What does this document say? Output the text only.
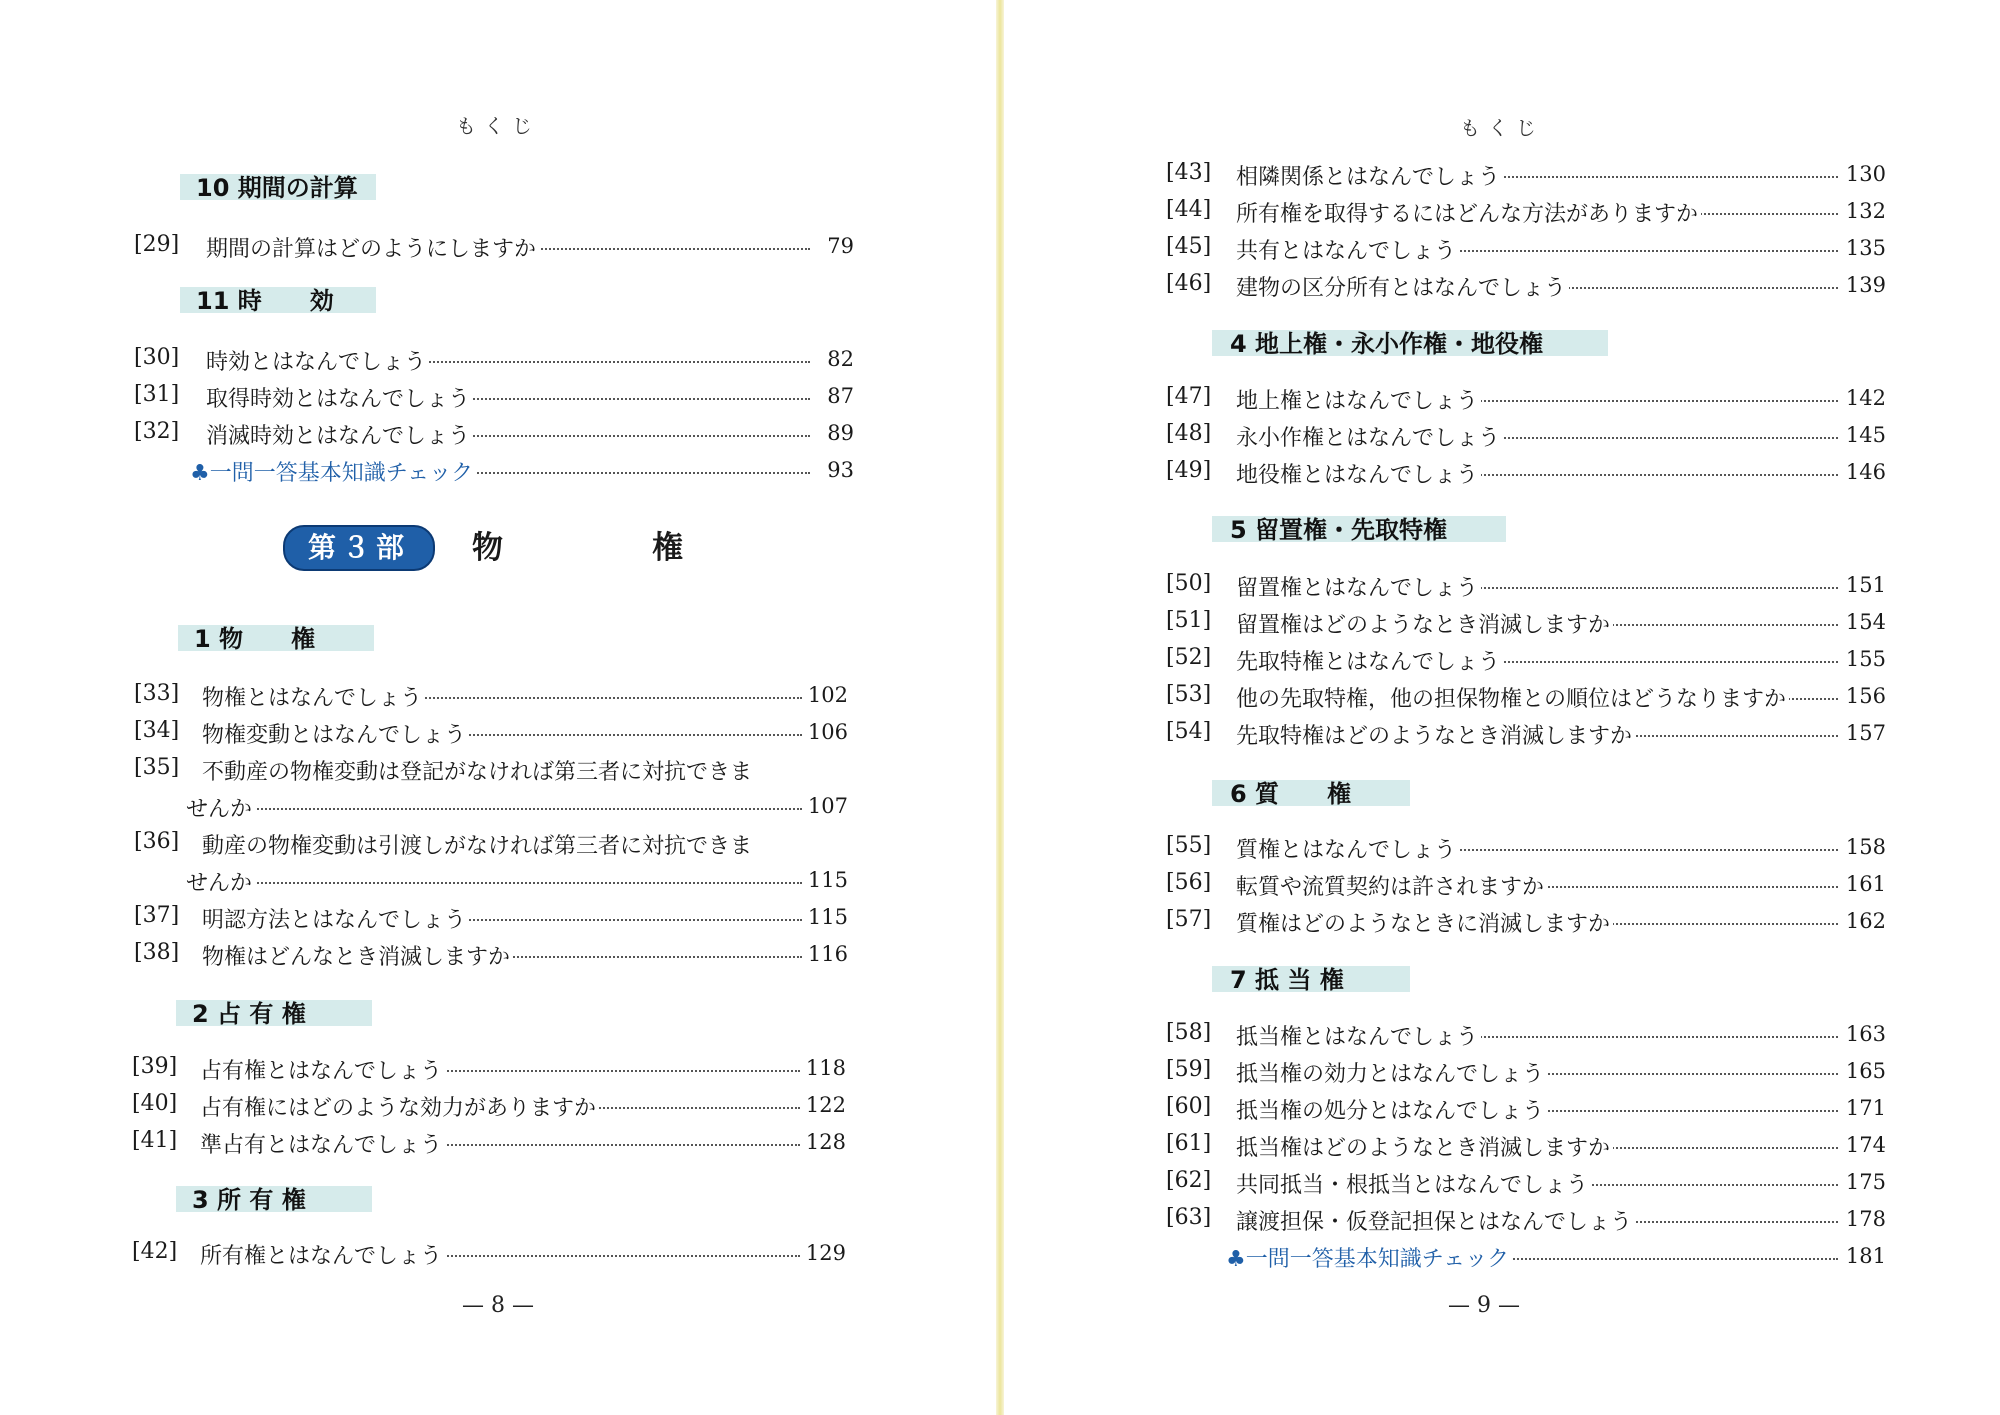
もくじ
10 期間の計算
[29] 期間の計算はどのようにしますか	79
11 時　　効
[30] 時効とはなんでしょう	82
[31] 取得時効とはなんでしょう	87
[32] 消滅時効とはなんでしょう	89
♣一問一答基本知識チェック	93
第３部	物	権
1 物　　権
[33] 物権とはなんでしょう	102
[34] 物権変動とはなんでしょう	106
[35] 不動産の物権変動は登記がなければ第三者に対抗できま
せんか	107
[36] 動産の物権変動は引渡しがなければ第三者に対抗できま
せんか	115
[37] 明認方法とはなんでしょう	115
[38] 物権はどんなとき消滅しますか	116
2 占 有 権
[39] 占有権とはなんでしょう	118
[40] 占有権にはどのような効力がありますか	122
[41] 準占有とはなんでしょう	128
3 所 有 権
[42] 所有権とはなんでしょう	129
— 8 —
もくじ
[43] 相隣関係とはなんでしょう	130
[44] 所有権を取得するにはどんな方法がありますか	132
[45] 共有とはなんでしょう	135
[46] 建物の区分所有とはなんでしょう	139
4 地上権・永小作権・地役権
[47] 地上権とはなんでしょう	142
[48] 永小作権とはなんでしょう	145
[49] 地役権とはなんでしょう	146
5 留置権・先取特権
[50] 留置権とはなんでしょう	151
[51] 留置権はどのようなとき消滅しますか	154
[52] 先取特権とはなんでしょう	155
[53] 他の先取特権，他の担保物権との順位はどうなりますか	156
[54] 先取特権はどのようなとき消滅しますか	157
6 質　　権
[55] 質権とはなんでしょう	158
[56] 転質や流質契約は許されますか	161
[57] 質権はどのようなときに消滅しますか	162
7 抵 当 権
[58] 抵当権とはなんでしょう	163
[59] 抵当権の効力とはなんでしょう	165
[60] 抵当権の処分とはなんでしょう	171
[61] 抵当権はどのようなとき消滅しますか	174
[62] 共同抵当・根抵当とはなんでしょう	175
[63] 譲渡担保・仮登記担保とはなんでしょう	178
♣一問一答基本知識チェック	181
— 9 —
